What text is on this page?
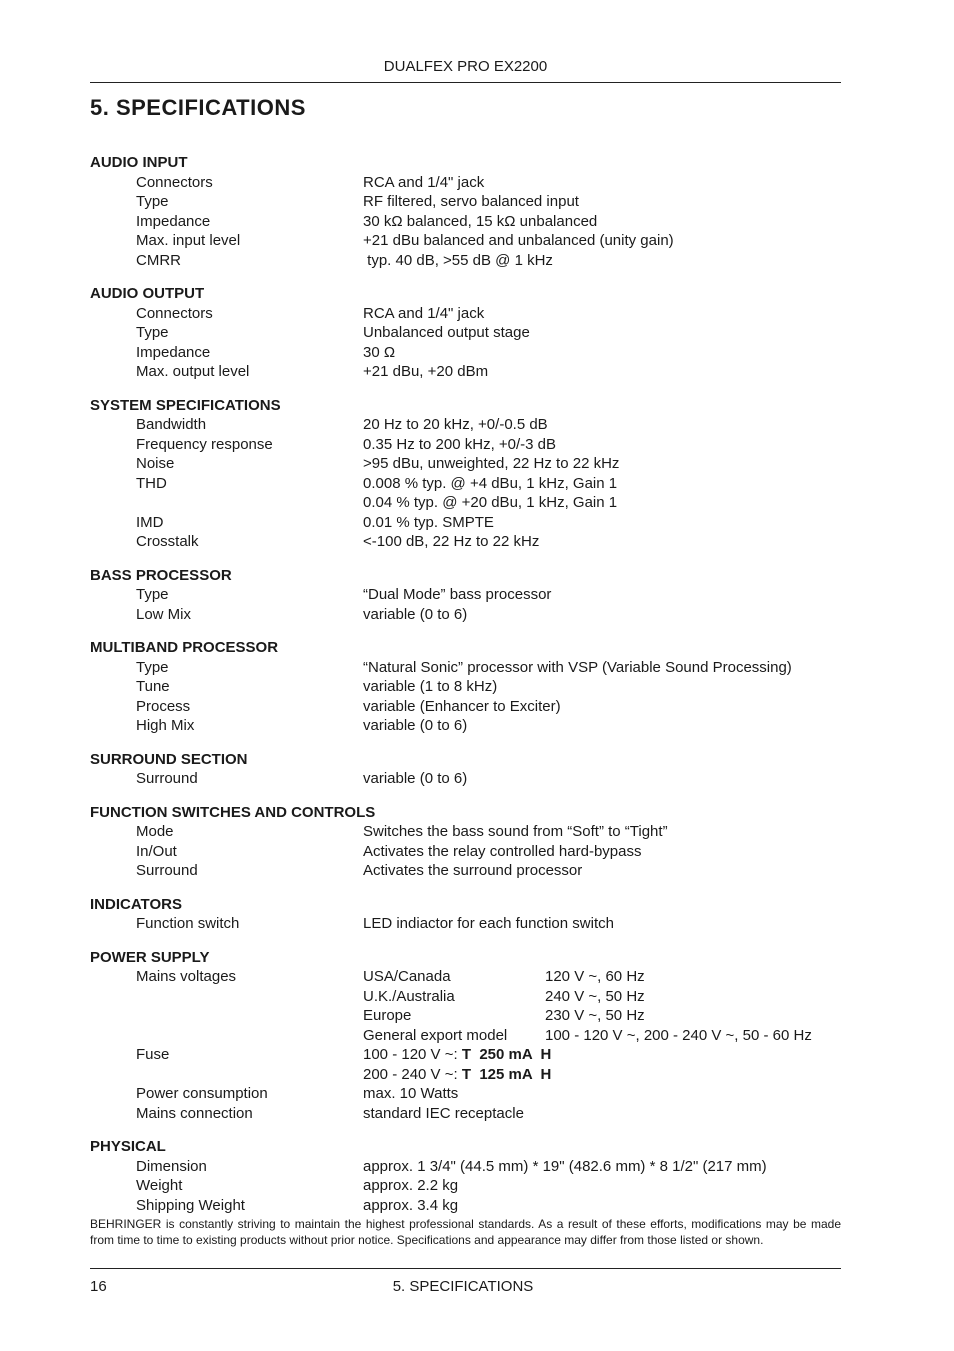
DUALFEX PRO EX2200
5. SPECIFICATIONS
AUDIO INPUT
Connectors	RCA and 1/4" jack
Type	RF filtered, servo balanced input
Impedance	30 kΩ balanced, 15 kΩ unbalanced
Max. input level	+21 dBu balanced and unbalanced (unity gain)
CMRR	typ. 40 dB, >55 dB @ 1 kHz
AUDIO OUTPUT
Connectors	RCA and 1/4" jack
Type	Unbalanced output stage
Impedance	30 Ω
Max. output level	+21 dBu, +20 dBm
SYSTEM SPECIFICATIONS
Bandwidth	20 Hz to 20 kHz, +0/-0.5 dB
Frequency response	0.35 Hz to 200 kHz, +0/-3 dB
Noise	>95 dBu, unweighted, 22 Hz to 22 kHz
THD	0.008 % typ. @ +4 dBu, 1 kHz, Gain 1
0.04 % typ. @ +20 dBu, 1 kHz, Gain 1
IMD	0.01 % typ. SMPTE
Crosstalk	<-100 dB, 22 Hz to 22 kHz
BASS PROCESSOR
Type	“Dual Mode” bass processor
Low Mix	variable (0 to 6)
MULTIBAND PROCESSOR
Type	“Natural Sonic” processor with VSP (Variable Sound Processing)
Tune	variable (1 to 8 kHz)
Process	variable (Enhancer to Exciter)
High Mix	variable (0 to 6)
SURROUND SECTION
Surround	variable (0 to 6)
FUNCTION SWITCHES AND CONTROLS
Mode	Switches the bass sound from “Soft” to “Tight”
In/Out	Activates the relay controlled hard-bypass
Surround	Activates the surround processor
INDICATORS
Function switch	LED indiactor for each function switch
POWER SUPPLY
Mains voltages	USA/Canada	120 V ~, 60 Hz
U.K./Australia	240 V ~, 50 Hz
Europe	230 V ~, 50 Hz
General export model	100 - 120 V ~, 200 - 240 V ~, 50 - 60 Hz
Fuse	100 - 120 V ~: T  250 mA  H
200 - 240 V ~: T  125 mA  H
Power consumption	max. 10 Watts
Mains connection	standard IEC receptacle
PHYSICAL
Dimension	approx. 1 3/4" (44.5 mm) * 19" (482.6 mm) * 8 1/2" (217 mm)
Weight	approx. 2.2 kg
Shipping Weight	approx. 3.4 kg
BEHRINGER is constantly striving to maintain the highest professional standards. As a result of these efforts, modifications may be made from time to time to existing products without prior notice. Specifications and appearance may differ from those listed or shown.
16	5. SPECIFICATIONS
